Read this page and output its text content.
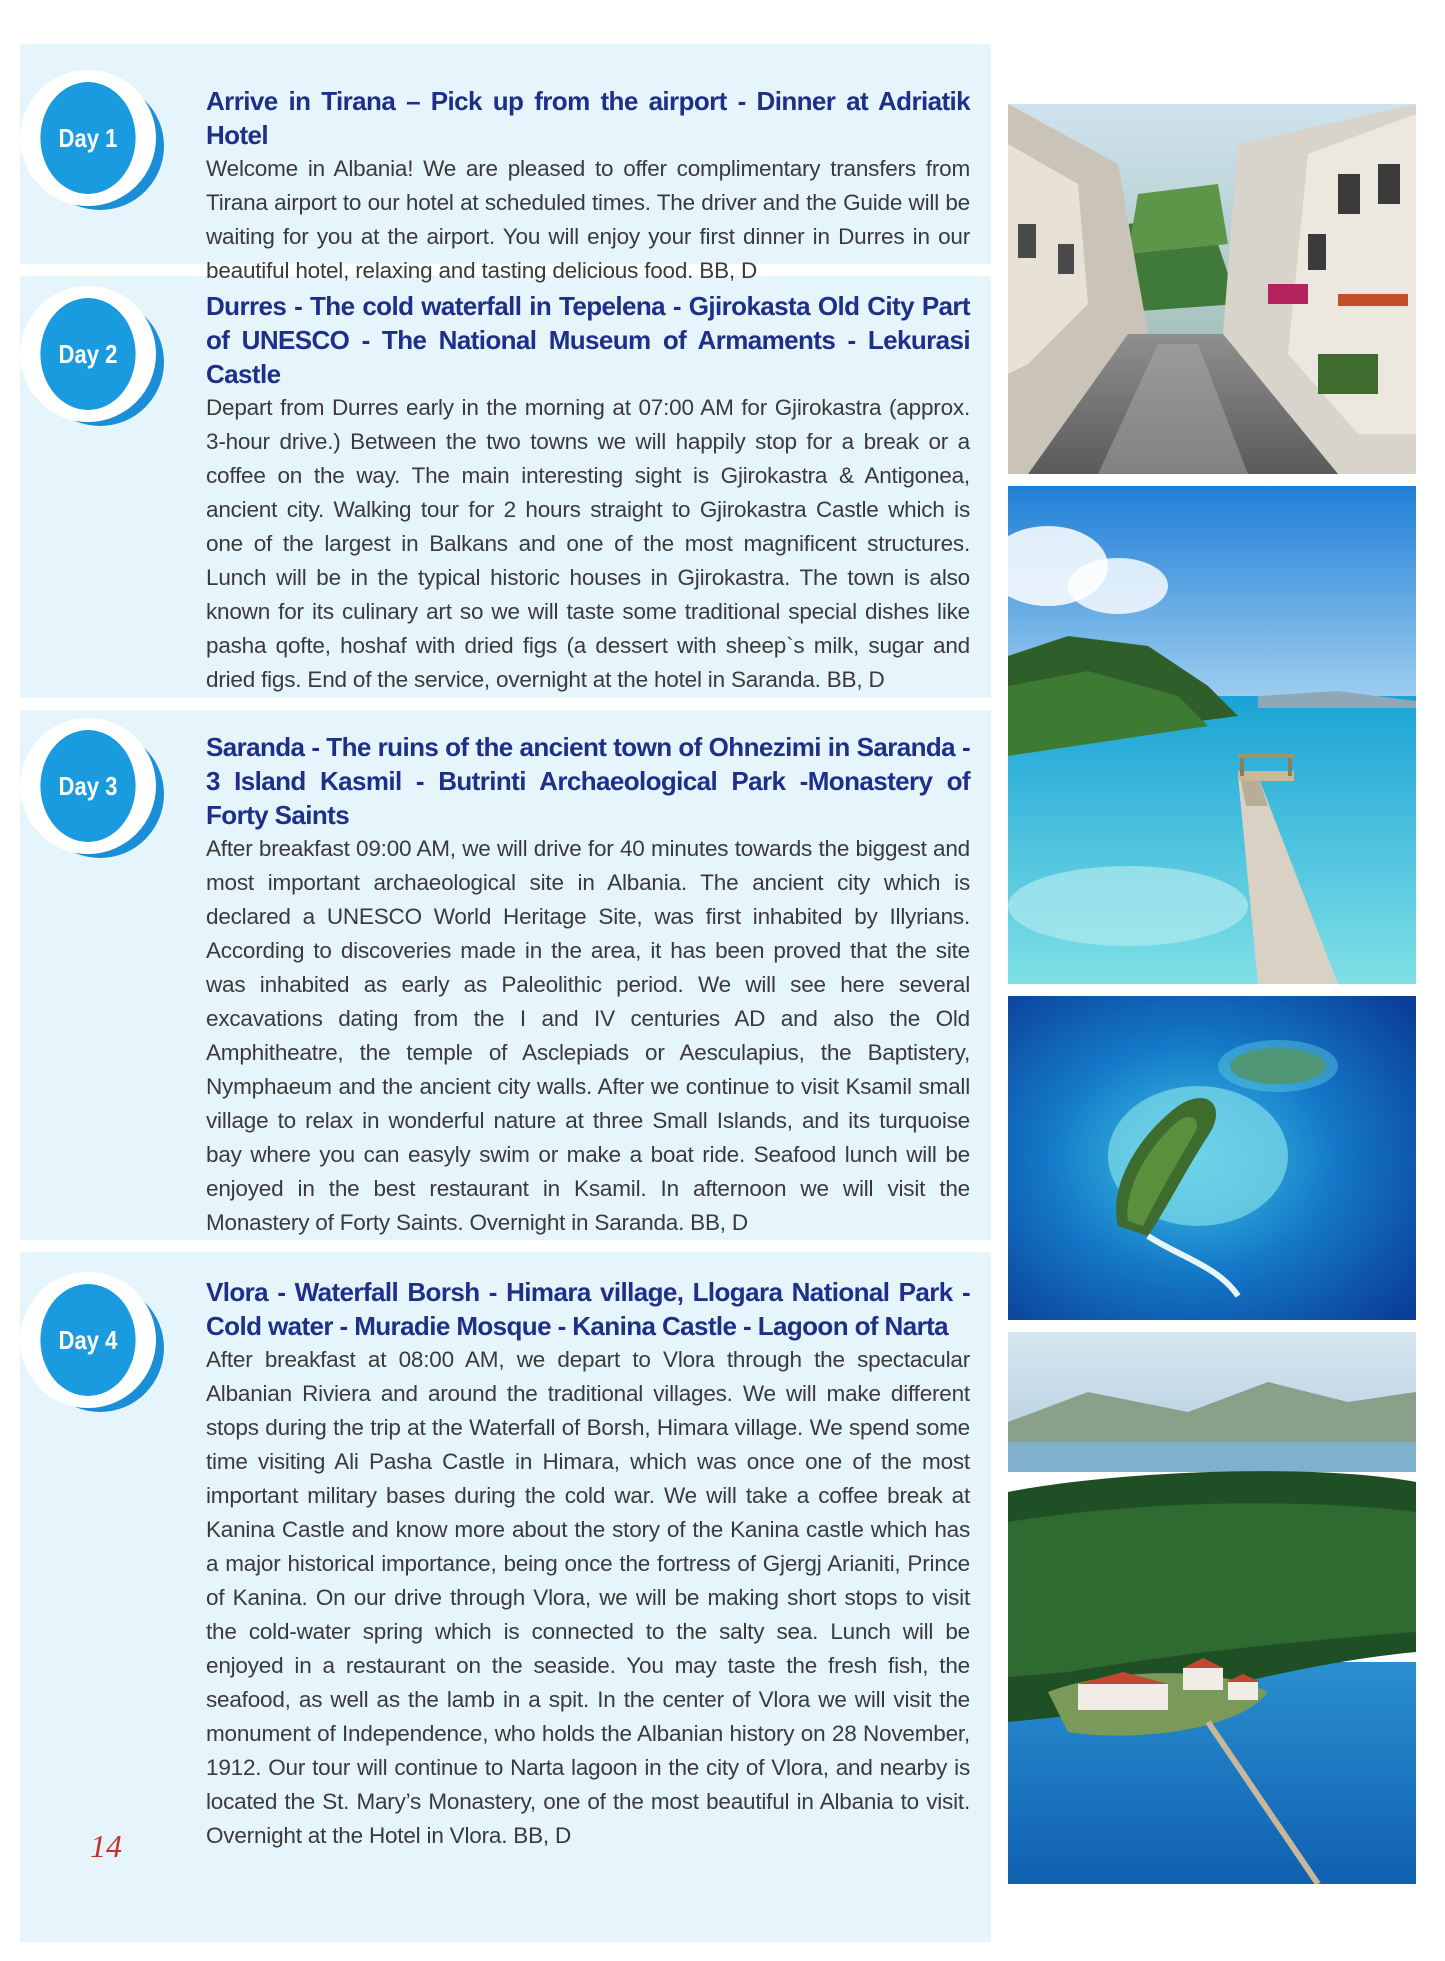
Day 1
Day 2
Day 3
Day 4

Arrive in Tirana – Pick up from the airport - Dinner at Adriatik Hotel

Welcome in Albania! We are pleased to offer complimentary transfers from Tirana airport to our hotel at scheduled times. The driver and the Guide will be waiting for you at the airport. You will enjoy your first dinner in Durres in our beautiful hotel, relaxing and tasting delicious food. BB, D

Durres - The cold waterfall in Tepelena - Gjirokasta Old City Part of UNESCO - The National Museum of Armaments - Lekurasi Castle

Depart from Durres early in the morning at 07:00 AM for Gjirokastra (approx. 3-hour drive.) Between the two towns we will happily stop for a break or a coffee on the way. The main interesting sight is Gjirokastra & Antigonea, ancient city. Walking tour for 2 hours straight to Gjirokastra Castle which is one of the largest in Balkans and one of the most magnificent structures. Lunch will be in the typical historic houses in Gjirokastra. The town is also known for its culinary art so we will taste some traditional special dishes like pasha qofte, hoshaf with dried figs (a dessert with sheep`s milk, sugar and dried figs. End of the service, overnight at the hotel in Saranda. BB, D

Saranda - The ruins of the ancient town of Ohnezimi in Saranda - 3 Island Kasmil - Butrinti Archaeological Park -Monastery of Forty Saints

After breakfast 09:00 AM, we will drive for 40 minutes towards the biggest and most important archaeological site in Albania. The ancient city which is declared a UNESCO World Heritage Site, was first inhabited by Illyrians. According to discoveries made in the area, it has been proved that the site was inhabited as early as Paleolithic period. We will see here several excavations dating from the I and IV centuries AD and also the Old Amphitheatre, the temple of Asclepiads or Aesculapius, the Baptistery, Nymphaeum and the ancient city walls. After we continue to visit Ksamil small village to relax in wonderful nature at three Small Islands, and its turquoise bay where you can easyly swim or make a boat ride. Seafood lunch will be enjoyed in the best restaurant in Ksamil. In afternoon we will visit the Monastery of Forty Saints. Overnight in Saranda. BB, D

Vlora - Waterfall Borsh - Himara village, Llogara National Park - Cold water - Muradie Mosque - Kanina Castle - Lagoon of Narta

After breakfast at 08:00 AM, we depart to Vlora through the spectacular Albanian Riviera and around the traditional villages. We will make different stops during the trip at the Waterfall of Borsh, Himara village. We spend some time visiting Ali Pasha Castle in Himara, which was once one of the most important military bases during the cold war. We will take a coffee break at Kanina Castle and know more about the story of the Kanina castle which has a major historical importance, being once the fortress of Gjergj Arianiti, Prince of Kanina. On our drive through Vlora, we will be making short stops to visit the cold-water spring which is connected to the salty sea. Lunch will be enjoyed in a restaurant on the seaside. You may taste the fresh fish, the seafood, as well as the lamb in a spit. In the center of Vlora we will visit the monument of Independence, who holds the Albanian history on 28 November, 1912. Our tour will continue to Narta lagoon in the city of Vlora, and nearby is located the St. Mary’s Monastery, one of the most beautiful in Albania to visit. Overnight at the Hotel in Vlora. BB, D

14
